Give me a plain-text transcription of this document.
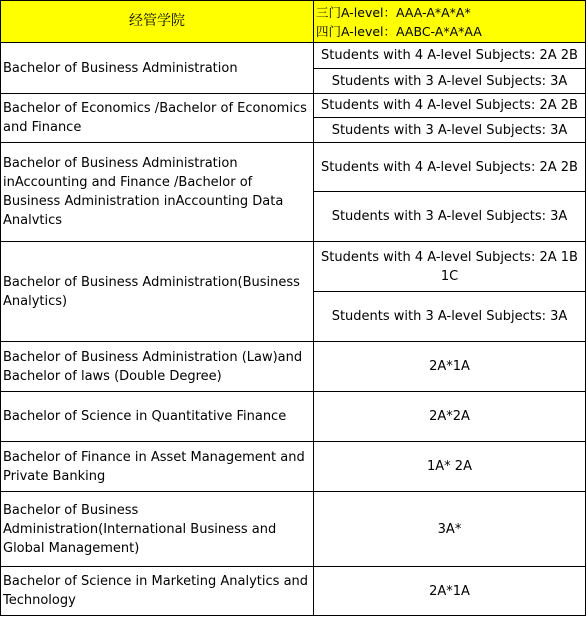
经管学院	三门A-level：AAA-A*A*A*
四门A-level：AABC-A*A*AA

Bachelor of Business Administration	Students with 4 A-level Subjects: 2A 2B
	Students with 3 A-level Subjects: 3A
Bachelor of Economics /Bachelor of Economics and Finance	Students with 4 A-level Subjects: 2A 2B
	Students with 3 A-level Subjects: 3A
Bachelor of Business Administration inAccounting and Finance /Bachelor of Business Administration inAccounting Data Analvtics	Students with 4 A-level Subjects: 2A 2B
	Students with 3 A-level Subjects: 3A
Bachelor of Business Administration(Business Analytics)	Students with 4 A-level Subjects: 2A 1B 1C
	Students with 3 A-level Subjects: 3A
Bachelor of Business Administration (Law)and Bachelor of laws (Double Degree)	2A*1A
Bachelor of Science in Quantitative Finance	2A*2A
Bachelor of Finance in Asset Management and Private Banking	1A* 2A
Bachelor of Business Administration(International Business and Global Management)	3A*
Bachelor of Science in Marketing Analytics and Technology	2A*1A
